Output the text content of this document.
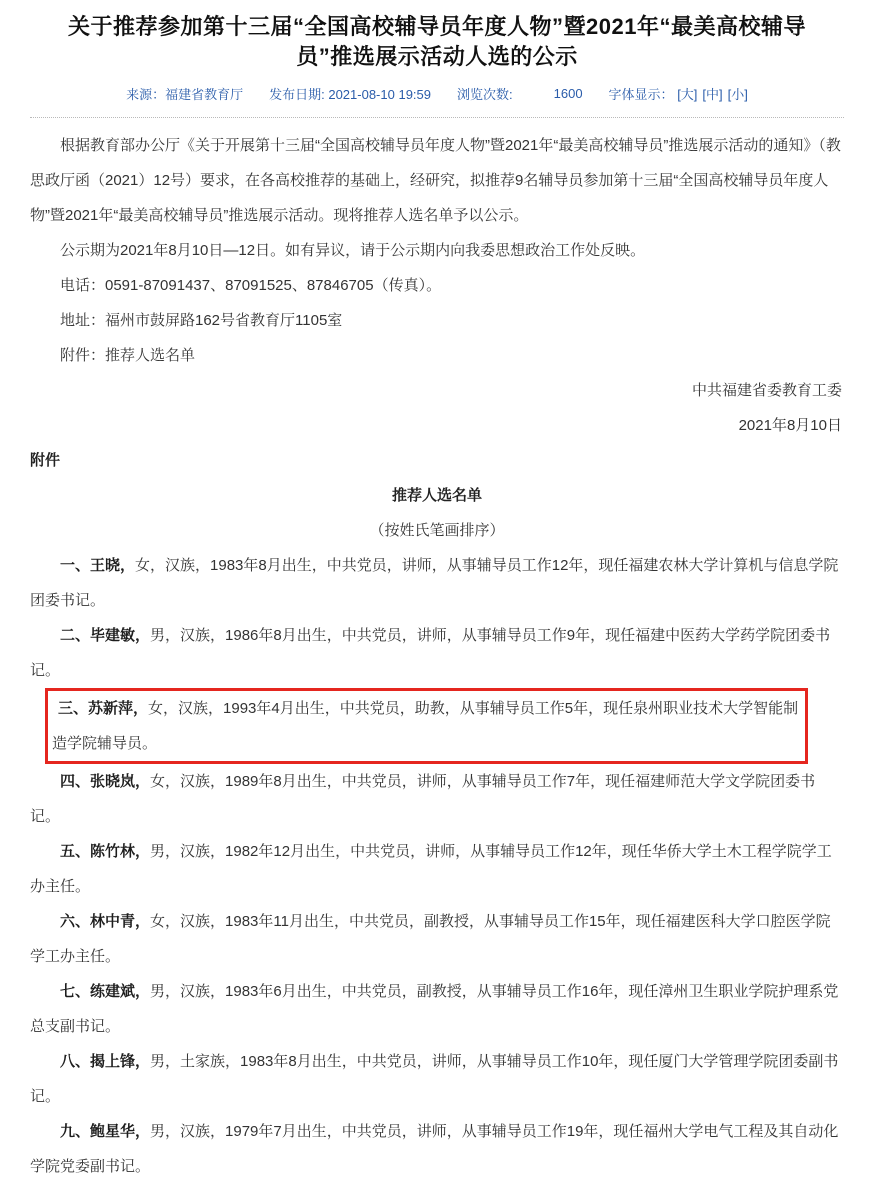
关于推荐参加第十三届“全国高校辅导员年度人物”暨2021年“最美高校辅导员”推选展示活动人选的公示
来源：福建省教育厅 发布日期: 2021-08-10 19:59 浏览次数:	1600 字体显示： [大] [中] [小]

根据教育部办公厅《关于开展第十三届“全国高校辅导员年度人物”暨2021年“最美高校辅导员”推选展示活动的通知》（教思政厅函（2021）12号）要求，在各高校推荐的基础上，经研究，拟推荐9名辅导员参加第十三届“全国高校辅导员年度人物”暨2021年“最美高校辅导员”推选展示活动。现将推荐人选名单予以公示。

公示期为2021年8月10日—12日。如有异议，请于公示期内向我委思想政治工作处反映。

电话：0591-87091437、87091525、87846705（传真）。

地址：福州市鼓屏路162号省教育厅1105室

附件：推荐人选名单

中共福建省委教育工委

2021年8月10日

附件

推荐人选名单

（按姓氏笔画排序）

一、王晓，女，汉族，1983年8月出生，中共党员，讲师，从事辅导员工作12年，现任福建农林大学计算机与信息学院团委书记。

二、毕建敏，男，汉族，1986年8月出生，中共党员，讲师，从事辅导员工作9年，现任福建中医药大学药学院团委书记。

三、苏新萍，女，汉族，1993年4月出生，中共党员，助教，从事辅导员工作5年，现任泉州职业技术大学智能制造学院辅导员。

四、张晓岚，女，汉族，1989年8月出生，中共党员，讲师，从事辅导员工作7年，现任福建师范大学文学院团委书记。

五、陈竹林，男，汉族，1982年12月出生，中共党员，讲师，从事辅导员工作12年，现任华侨大学土木工程学院学工办主任。

六、林中青，女，汉族，1983年11月出生，中共党员，副教授，从事辅导员工作15年，现任福建医科大学口腔医学院学工办主任。

七、练建斌，男，汉族，1983年6月出生，中共党员，副教授，从事辅导员工作16年，现任漳州卫生职业学院护理系党总支副书记。

八、揭上锋，男，土家族，1983年8月出生，中共党员，讲师，从事辅导员工作10年，现任厦门大学管理学院团委副书记。

九、鲍星华，男，汉族，1979年7月出生，中共党员，讲师，从事辅导员工作19年，现任福州大学电气工程及其自动化学院党委副书记。
